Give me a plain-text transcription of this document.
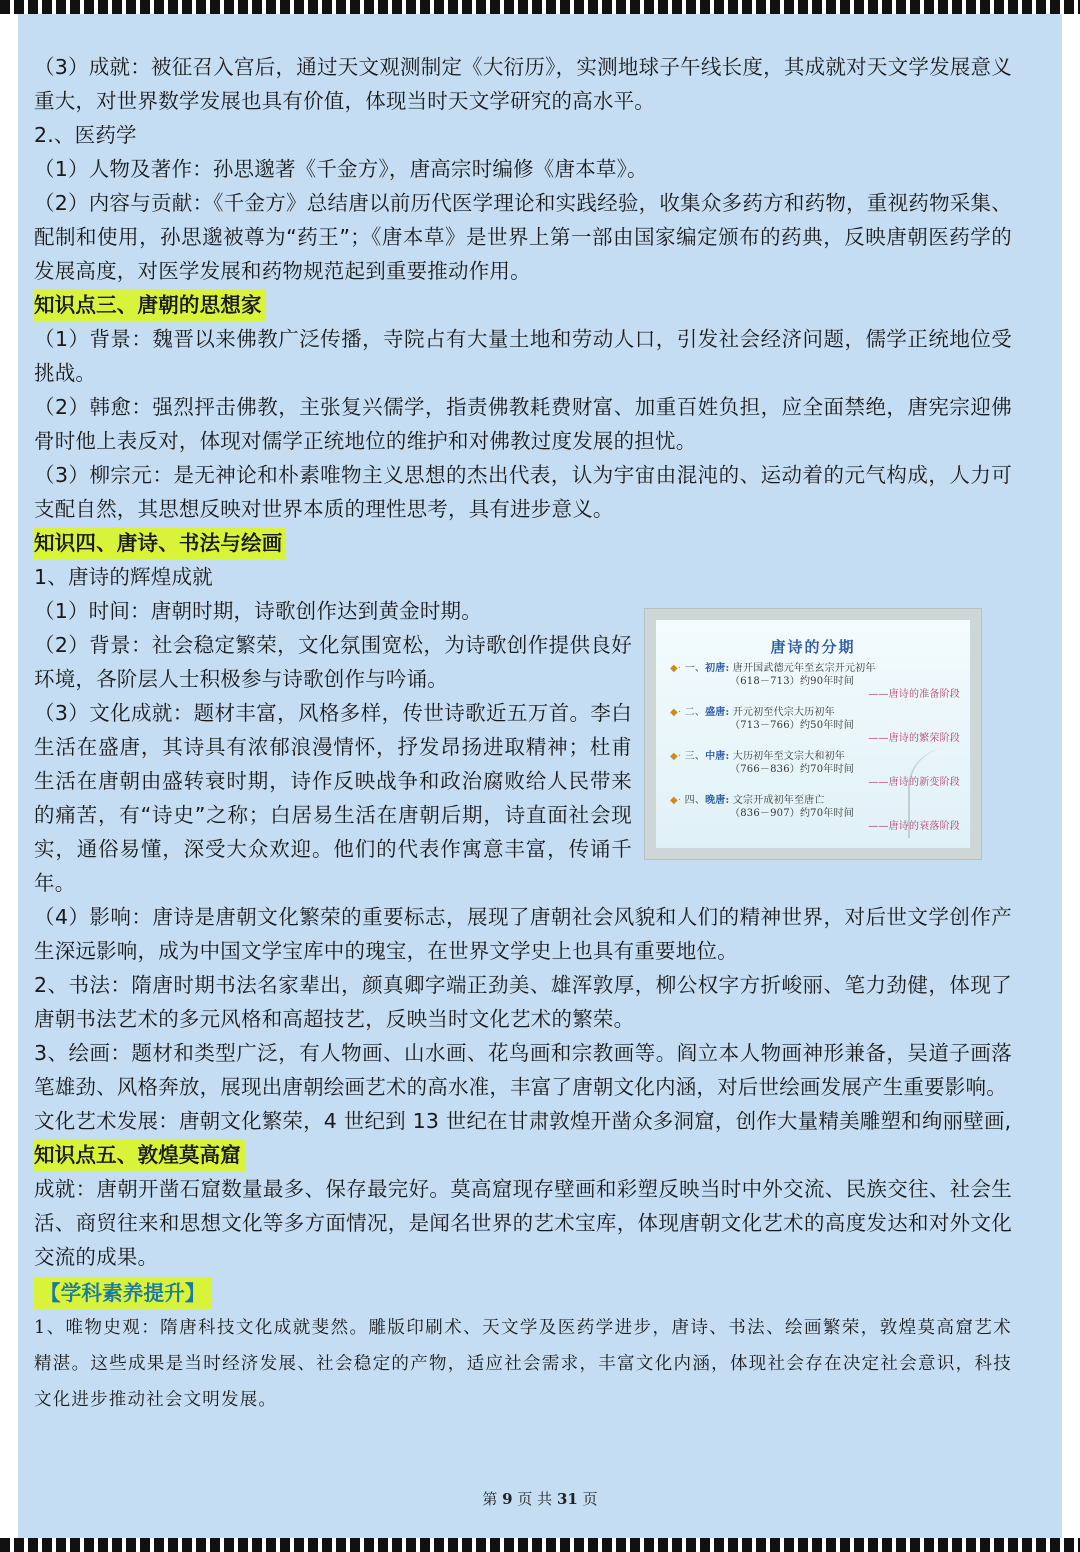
（3）成就：被征召入宫后，通过天文观测制定《大衍历》，实测地球子午线长度，其成就对天文学发展意义重大，对世界数学发展也具有价值，体现当时天文学研究的高水平。

2.、医药学

（1）人物及著作：孙思邈著《千金方》，唐高宗时编修《唐本草》。

（2）内容与贡献：《千金方》总结唐以前历代医学理论和实践经验，收集众多药方和药物，重视药物采集、配制和使用，孙思邈被尊为“药王”；《唐本草》是世界上第一部由国家编定颁布的药典，反映唐朝医药学的发展高度，对医学发展和药物规范起到重要推动作用。

知识点三、唐朝的思想家

（1）背景：魏晋以来佛教广泛传播，寺院占有大量土地和劳动人口，引发社会经济问题，儒学正统地位受挑战。

（2）韩愈：强烈抨击佛教，主张复兴儒学，指责佛教耗费财富、加重百姓负担，应全面禁绝，唐宪宗迎佛骨时他上表反对，体现对儒学正统地位的维护和对佛教过度发展的担忧。

（3）柳宗元：是无神论和朴素唯物主义思想的杰出代表，认为宇宙由混沌的、运动着的元气构成，人力可支配自然，其思想反映对世界本质的理性思考，具有进步意义。

知识四、唐诗、书法与绘画

1、唐诗的辉煌成就

（1）时间：唐朝时期，诗歌创作达到黄金时期。

（2）背景：社会稳定繁荣，文化氛围宽松，为诗歌创作提供良好环境，各阶层人士积极参与诗歌创作与吟诵。

（3）文化成就：题材丰富，风格多样，传世诗歌近五万首。李白生活在盛唐，其诗具有浓郁浪漫情怀，抒发昂扬进取精神；杜甫生活在唐朝由盛转衰时期，诗作反映战争和政治腐败给人民带来的痛苦，有“诗史”之称；白居易生活在唐朝后期，诗直面社会现实，通俗易懂，深受大众欢迎。他们的代表作寓意丰富，传诵千年。

唐诗的分期
◆· 一、初唐: 唐开国武德元年至玄宗开元初年
（618－713）约90年时间
——唐诗的准备阶段
◆· 二、盛唐: 开元初至代宗大历初年
（713－766）约50年时间
——唐诗的繁荣阶段
◆· 三、中唐: 大历初年至文宗大和初年
（766－836）约70年时间
——唐诗的新变阶段
◆· 四、晚唐: 文宗开成初年至唐亡
（836－907）约70年时间
——唐诗的衰落阶段

（4）影响：唐诗是唐朝文化繁荣的重要标志，展现了唐朝社会风貌和人们的精神世界，对后世文学创作产生深远影响，成为中国文学宝库中的瑰宝，在世界文学史上也具有重要地位。

2、书法：隋唐时期书法名家辈出，颜真卿字端正劲美、雄浑敦厚，柳公权字方折峻丽、笔力劲健，体现了唐朝书法艺术的多元风格和高超技艺，反映当时文化艺术的繁荣。

3、绘画：题材和类型广泛，有人物画、山水画、花鸟画和宗教画等。阎立本人物画神形兼备，吴道子画落笔雄劲、风格奔放，展现出唐朝绘画艺术的高水准，丰富了唐朝文化内涵，对后世绘画发展产生重要影响。

文化艺术发展：唐朝文化繁荣，4 世纪到 13 世纪在甘肃敦煌开凿众多洞窟，创作大量精美雕塑和绚丽壁画,

知识点五、敦煌莫高窟

成就：唐朝开凿石窟数量最多、保存最完好。莫高窟现存壁画和彩塑反映当时中外交流、民族交往、社会生活、商贸往来和思想文化等多方面情况，是闻名世界的艺术宝库，体现唐朝文化艺术的高度发达和对外文化交流的成果。

【学科素养提升】

1、唯物史观：隋唐科技文化成就斐然。雕版印刷术、天文学及医药学进步，唐诗、书法、绘画繁荣，敦煌莫高窟艺术精湛。这些成果是当时经济发展、社会稳定的产物，适应社会需求，丰富文化内涵，体现社会存在决定社会意识，科技文化进步推动社会文明发展。

第 9 页 共 31 页
